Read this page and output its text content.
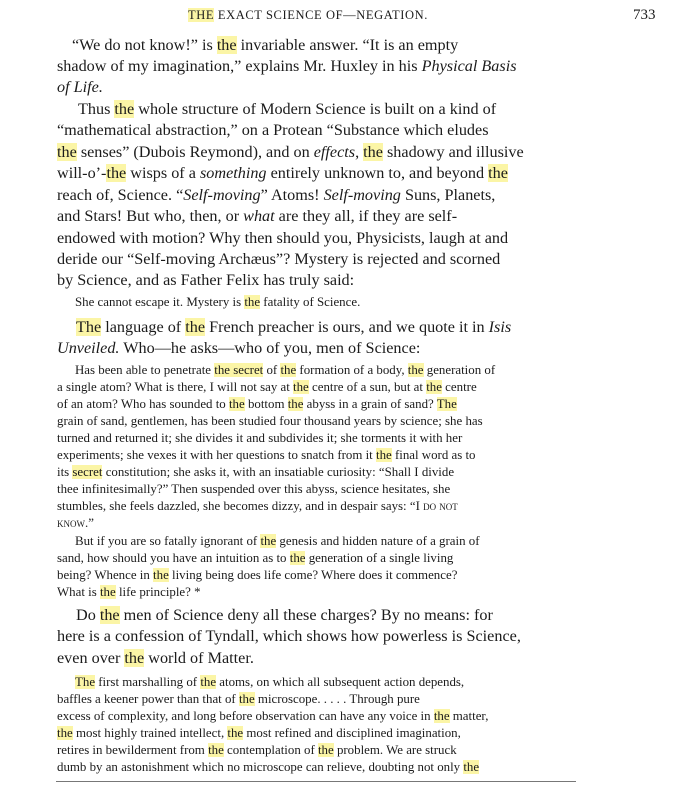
THE EXACT SCIENCE OF—NEGATION.	733
“We do not know!” is the invariable answer. “It is an empty
shadow of my imagination,” explains Mr. Huxley in his Physical Basis
of Life.
Thus the whole structure of Modern Science is built on a kind of
“mathematical abstraction,” on a Protean “Substance which eludes
the senses” (Dubois Reymond), and on effects, the shadowy and illusive
will-o’-the wisps of a something entirely unknown to, and beyond the
reach of, Science. “Self-moving” Atoms! Self-moving Suns, Planets,
and Stars! But who, then, or what are they all, if they are self-
endowed with motion? Why then should you, Physicists, laugh at and
deride our “Self-moving Archæus”? Mystery is rejected and scorned
by Science, and as Father Felix has truly said:
She cannot escape it. Mystery is the fatality of Science.
The language of the French preacher is ours, and we quote it in Isis
Unveiled. Who—he asks—who of you, men of Science:
Has been able to penetrate the secret of the formation of a body, the generation of
a single atom? What is there, I will not say at the centre of a sun, but at the centre
of an atom? Who has sounded to the bottom the abyss in a grain of sand? The
grain of sand, gentlemen, has been studied four thousand years by science; she has
turned and returned it; she divides it and subdivides it; she torments it with her
experiments; she vexes it with her questions to snatch from it the final word as to
its secret constitution; she asks it, with an insatiable curiosity: “Shall I divide
thee infinitesimally?” Then suspended over this abyss, science hesitates, she
stumbles, she feels dazzled, she becomes dizzy, and in despair says: “I do not
know.”
But if you are so fatally ignorant of the genesis and hidden nature of a grain of
sand, how should you have an intuition as to the generation of a single living
being? Whence in the living being does life come? Where does it commence?
What is the life principle? *
Do the men of Science deny all these charges? By no means: for
here is a confession of Tyndall, which shows how powerless is Science,
even over the world of Matter.
The first marshalling of the atoms, on which all subsequent action depends,
baffles a keener power than that of the microscope. . . . . Through pure
excess of complexity, and long before observation can have any voice in the matter,
the most highly trained intellect, the most refined and disciplined imagination,
retires in bewilderment from the contemplation of the problem. We are struck
dumb by an astonishment which no microscope can relieve, doubting not only the
